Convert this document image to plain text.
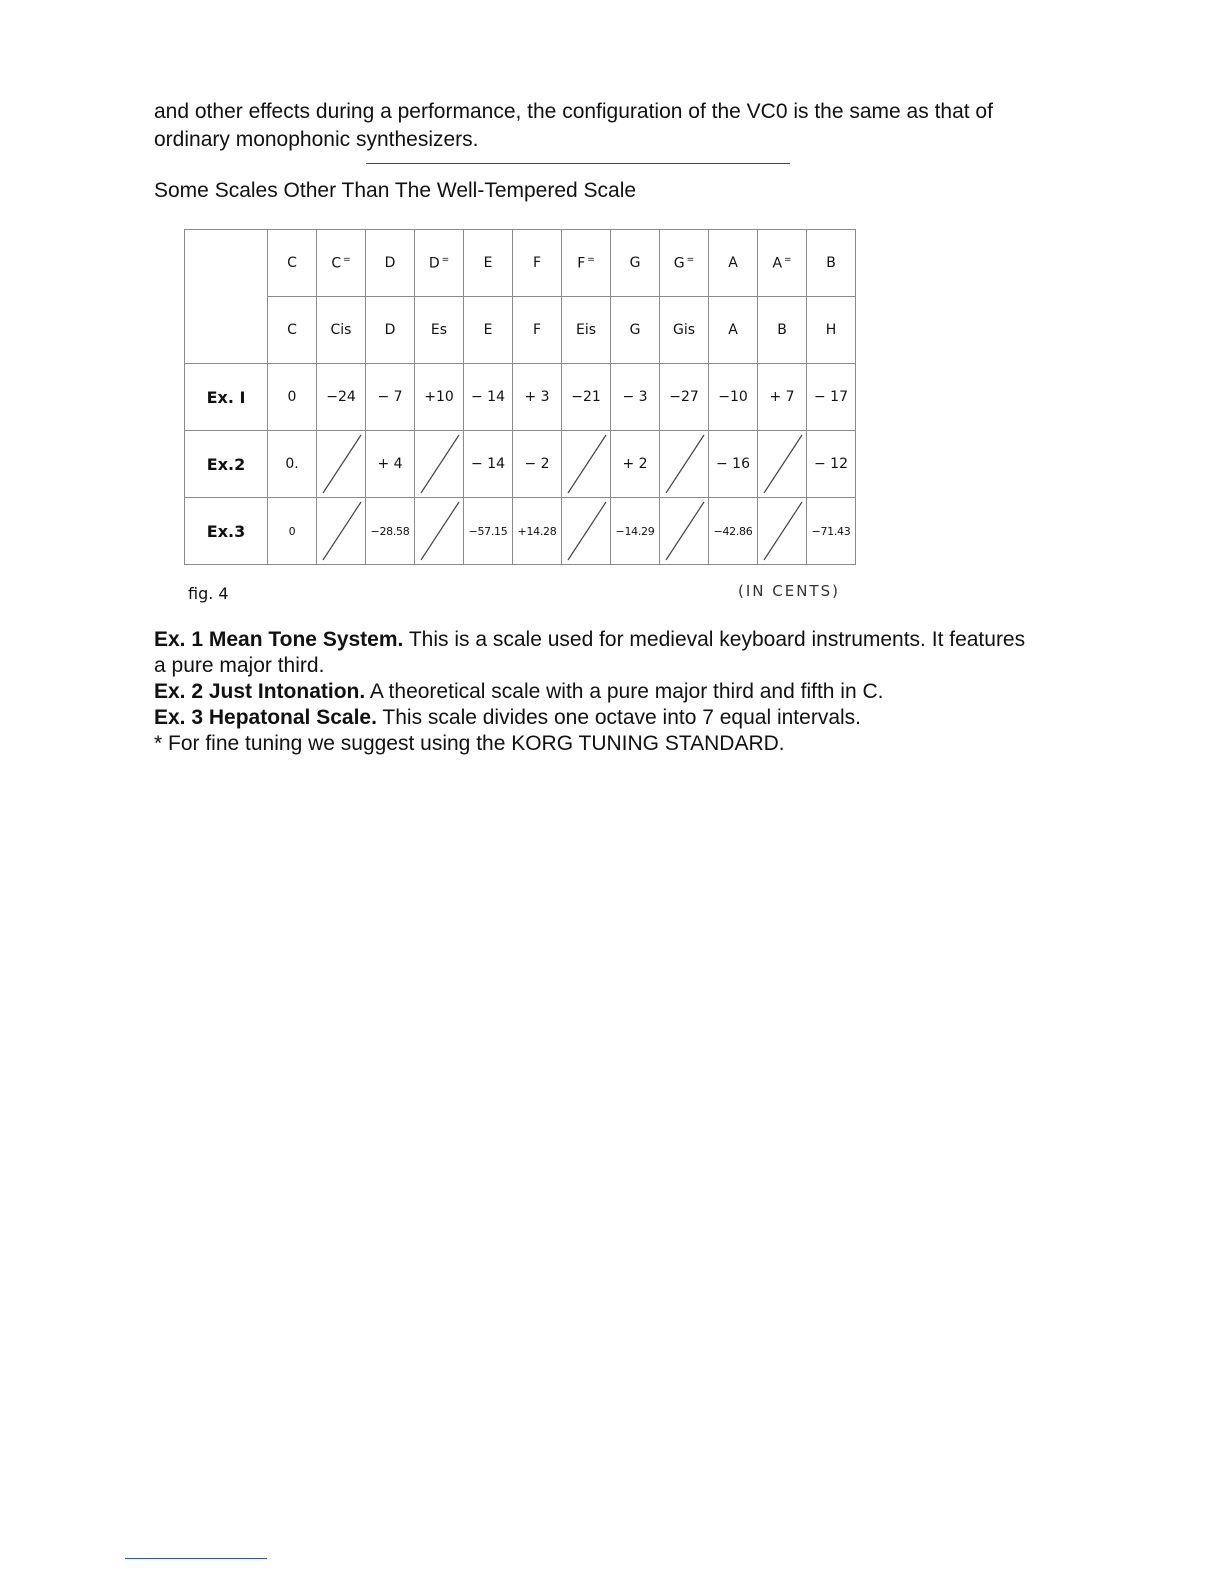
and other effects during a performance, the configuration of the VC0 is the same as that of ordinary monophonic synthesizers.

Some Scales Other Than The Well-Tempered Scale
	C	C =	D	D =	E	F	F =	G	G =	A	A =	B
	C	Cis	D	Es	E	F	Eis	G	Gis	A	B	H
Ex. I	0	−24	− 7	+10	− 14	+ 3	−21	− 3	−27	−10	+ 7	− 17
Ex.2	0.		+ 4		− 14	− 2		+ 2		− 16		− 12
Ex.3	0		−28.58		−57.15	+14.28		−14.29		−42.86		−71.43
fig. 4	(IN CENTS)

Ex. 1 Mean Tone System. This is a scale used for medieval keyboard instruments. It features a pure major third.

Ex. 2 Just Intonation. A theoretical scale with a pure major third and fifth in C.

Ex. 3 Hepatonal Scale. This scale divides one octave into 7 equal intervals.

* For fine tuning we suggest using the KORG TUNING STANDARD.
